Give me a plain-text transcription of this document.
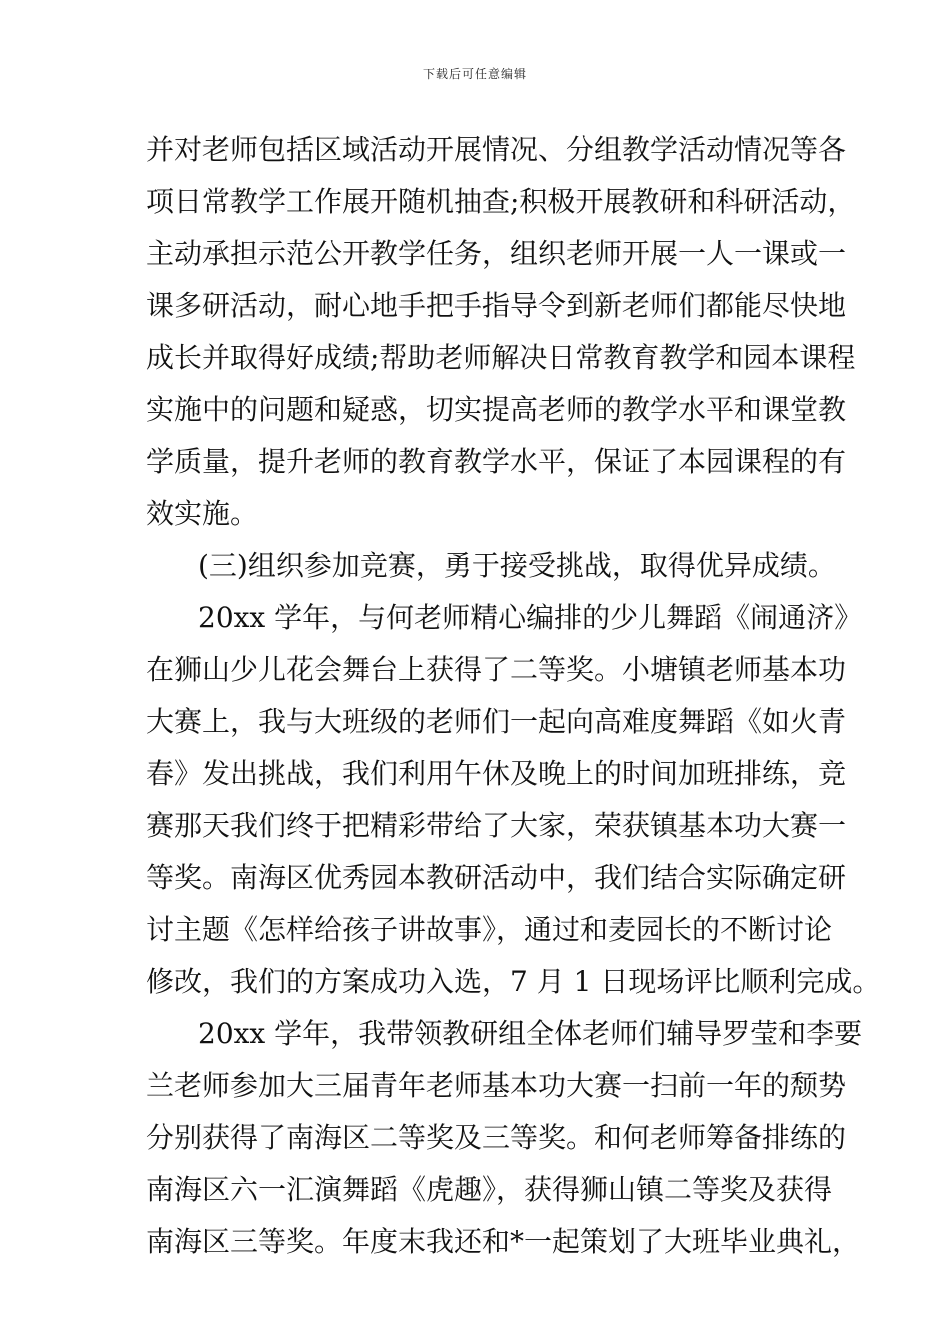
下载后可任意编辑
并对老师包括区域活动开展情况、分组教学活动情况等各
项日常教学工作展开随机抽查;积极开展教研和科研活动，
主动承担示范公开教学任务，组织老师开展一人一课或一
课多研活动，耐心地手把手指导令到新老师们都能尽快地
成长并取得好成绩;帮助老师解决日常教育教学和园本课程
实施中的问题和疑惑，切实提高老师的教学水平和课堂教
学质量，提升老师的教育教学水平，保证了本园课程的有
效实施。
(三)组织参加竞赛，勇于接受挑战，取得优异成绩。
20xx 学年，与何老师精心编排的少儿舞蹈《闹通济》
在狮山少儿花会舞台上获得了二等奖。小塘镇老师基本功
大赛上，我与大班级的老师们一起向高难度舞蹈《如火青
春》发出挑战，我们利用午休及晚上的时间加班排练，竞
赛那天我们终于把精彩带给了大家，荣获镇基本功大赛一
等奖。南海区优秀园本教研活动中，我们结合实际确定研
讨主题《怎样给孩子讲故事》，通过和麦园长的不断讨论
修改，我们的方案成功入选，7 月 1 日现场评比顺利完成。
20xx 学年，我带领教研组全体老师们辅导罗莹和李要
兰老师参加大三届青年老师基本功大赛一扫前一年的颓势
分别获得了南海区二等奖及三等奖。和何老师筹备排练的
南海区六一汇演舞蹈《虎趣》，获得狮山镇二等奖及获得
南海区三等奖。年度末我还和*一起策划了大班毕业典礼，
